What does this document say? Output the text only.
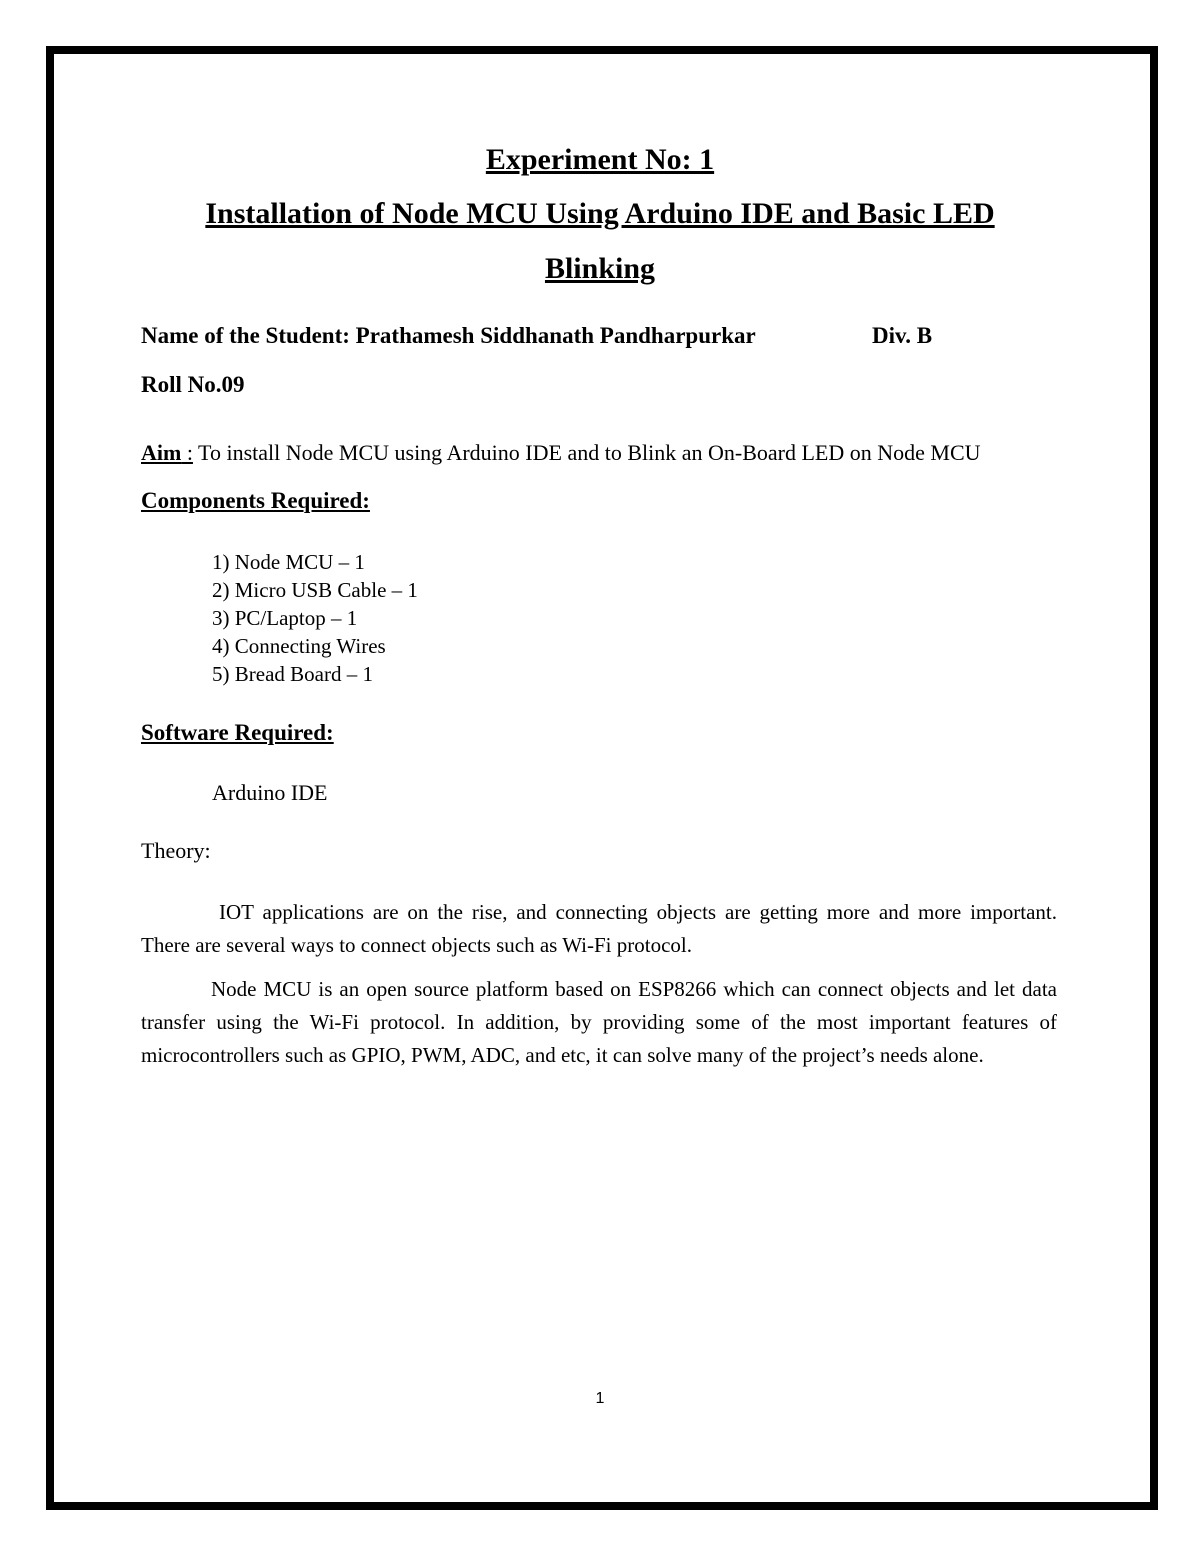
Experiment No: 1
Installation of Node MCU Using Arduino IDE and Basic LED
Blinking
Name of the Student: Prathamesh Siddhanath Pandharpurkar	Div. B
Roll No.09
Aim : To install Node MCU using Arduino IDE and to Blink an On-Board LED on Node MCU
Components Required:
1) Node MCU – 1
2) Micro USB Cable – 1
3) PC/Laptop – 1
4) Connecting Wires
5) Bread Board – 1
Software Required:
Arduino IDE
Theory:
IOT applications are on the rise, and connecting objects are getting more and more important. There are several ways to connect objects such as Wi-Fi protocol.
Node MCU is an open source platform based on ESP8266 which can connect objects and let data transfer using the Wi-Fi protocol. In addition, by providing some of the most important features of microcontrollers such as GPIO, PWM, ADC, and etc, it can solve many of the project’s needs alone.
1
